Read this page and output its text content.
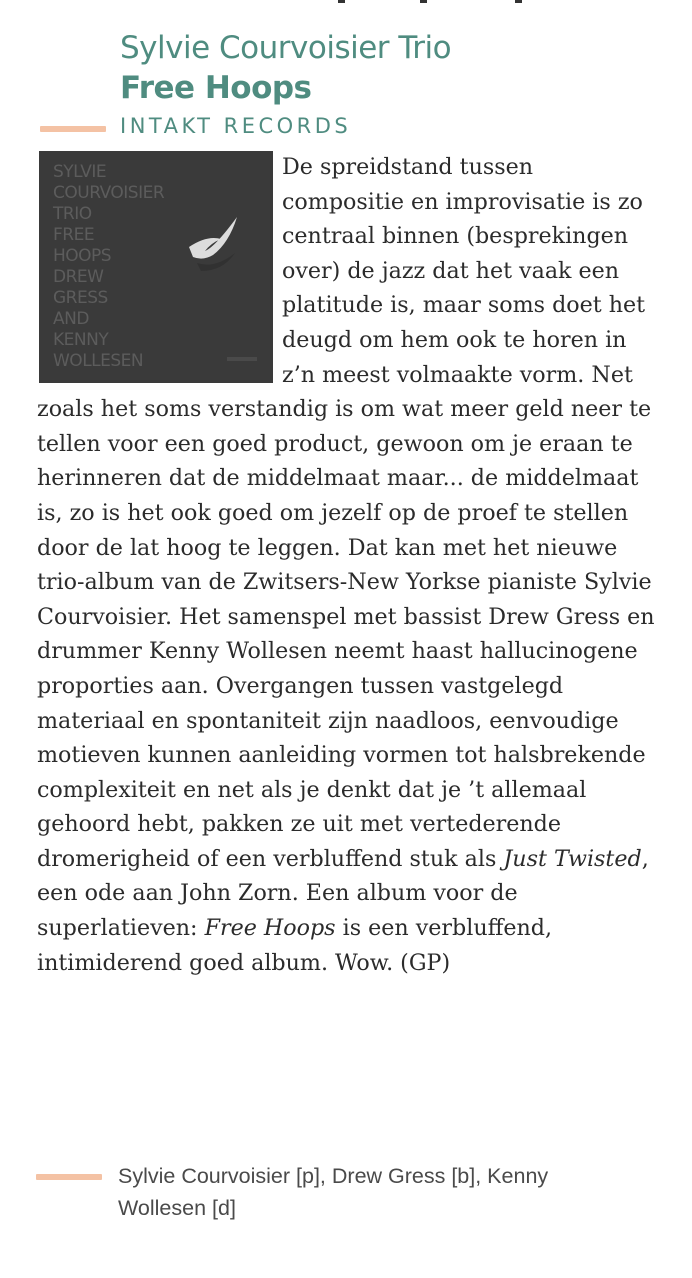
Sylvie Courvoisier Trio
Free Hoops
INTAKT RECORDS
SYLVIE
COURVOISIER
TRIO
FREE
HOOPS
DREW
GRESS
AND
KENNY
WOLLESEN
De spreidstand tussen compositie en improvisatie is zo centraal binnen (besprekingen over) de jazz dat het vaak een platitude is, maar soms doet het deugd om hem ook te horen in z’n meest volmaakte vorm. Net zoals het soms verstandig is om wat meer geld neer te tellen voor een goed product, gewoon om je eraan te herinneren dat de middelmaat maar... de middelmaat is, zo is het ook goed om jezelf op de proef te stellen door de lat hoog te leggen. Dat kan met het nieuwe trio-album van de Zwitsers-New Yorkse pianiste Sylvie Courvoisier. Het samenspel met bassist Drew Gress en drummer Kenny Wollesen neemt haast hallucinogene proporties aan. Overgangen tussen vastgelegd materiaal en spontaniteit zijn naadloos, eenvoudige motieven kunnen aanleiding vormen tot halsbrekende complexiteit en net als je denkt dat je ’t allemaal gehoord hebt, pakken ze uit met vertederende dromerigheid of een verbluffend stuk als Just Twisted, een ode aan John Zorn. Een album voor de superlatieven: Free Hoops is een verbluffend, intimiderend goed album. Wow. (GP)
Sylvie Courvoisier [p], Drew Gress [b], Kenny Wollesen [d]
